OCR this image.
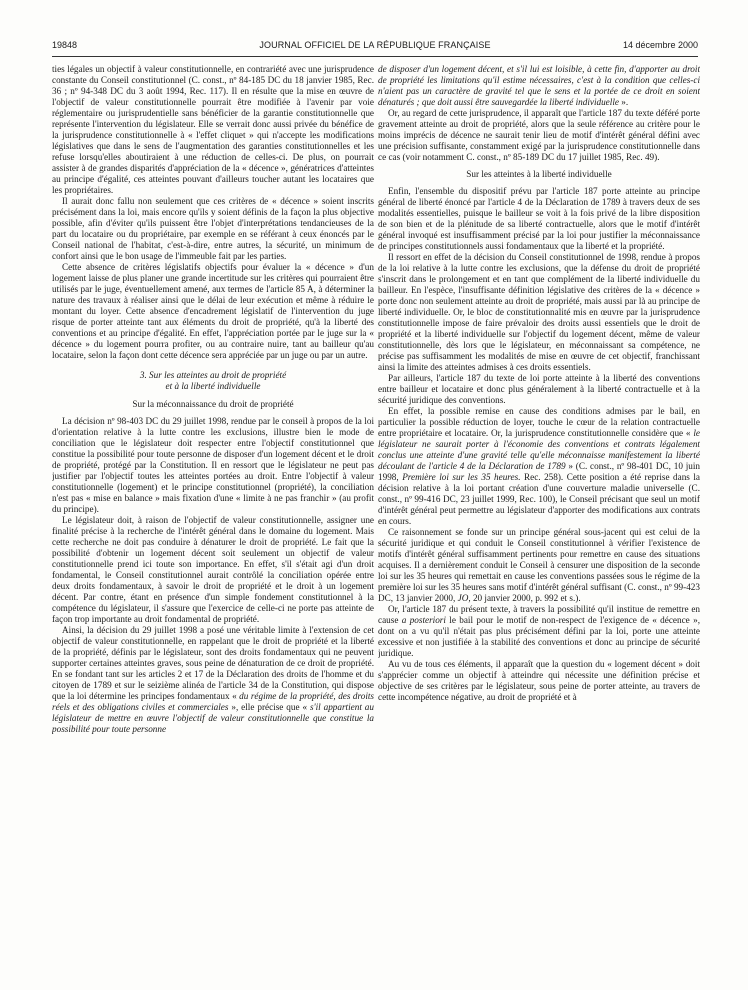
19848	JOURNAL OFFICIEL DE LA RÉPUBLIQUE FRANÇAISE	14 décembre 2000

ties légales un objectif à valeur constitutionnelle, en contrariété avec une jurisprudence constante du Conseil constitutionnel (C. const., nº 84-185 DC du 18 janvier 1985, Rec. 36 ; nº 94-348 DC du 3 août 1994, Rec. 117). Il en résulte que la mise en œuvre de l'objectif de valeur constitutionnelle pourrait être modifiée à l'avenir par voie réglementaire ou jurisprudentielle sans bénéficier de la garantie constitutionnelle que représente l'intervention du législateur. Elle se verrait donc aussi privée du bénéfice de la jurisprudence constitutionnelle à « l'effet cliquet » qui n'accepte les modifications législatives que dans le sens de l'augmentation des garanties constitutionnelles et les refuse lorsqu'elles aboutiraient à une réduction de celles-ci. De plus, on pourrait assister à de grandes disparités d'appréciation de la « décence », génératrices d'atteintes au principe d'égalité, ces atteintes pouvant d'ailleurs toucher autant les locataires que les propriétaires.

Il aurait donc fallu non seulement que ces critères de « décence » soient inscrits précisément dans la loi, mais encore qu'ils y soient définis de la façon la plus objective possible, afin d'éviter qu'ils puissent être l'objet d'interprétations tendancieuses de la part du locataire ou du propriétaire, par exemple en se référant à ceux énoncés par le Conseil national de l'habitat, c'est-à-dire, entre autres, la sécurité, un minimum de confort ainsi que le bon usage de l'immeuble fait par les parties.

Cette absence de critères législatifs objectifs pour évaluer la « décence » d'un logement laisse de plus planer une grande incertitude sur les critères qui pourraient être utilisés par le juge, éventuellement amené, aux termes de l'article 85 A, à déterminer la nature des travaux à réaliser ainsi que le délai de leur exécution et même à réduire le montant du loyer. Cette absence d'encadrement législatif de l'intervention du juge risque de porter atteinte tant aux éléments du droit de propriété, qu'à la liberté des conventions et au principe d'égalité. En effet, l'appréciation portée par le juge sur la « décence » du logement pourra profiter, ou au contraire nuire, tant au bailleur qu'au locataire, selon la façon dont cette décence sera appréciée par un juge ou par un autre.

3. Sur les atteintes au droit de propriété
et à la liberté individuelle
Sur la méconnaissance du droit de propriété

La décision nº 98-403 DC du 29 juillet 1998, rendue par le conseil à propos de la loi d'orientation relative à la lutte contre les exclusions, illustre bien le mode de conciliation que le législateur doit respecter entre l'objectif constitutionnel que constitue la possibilité pour toute personne de disposer d'un logement décent et le droit de propriété, protégé par la Constitution. Il en ressort que le législateur ne peut pas justifier par l'objectif toutes les atteintes portées au droit. Entre l'objectif à valeur constitutionnelle (logement) et le principe constitutionnel (propriété), la conciliation n'est pas « mise en balance » mais fixation d'une « limite à ne pas franchir » (au profit du principe).

Le législateur doit, à raison de l'objectif de valeur constitutionnelle, assigner une finalité précise à la recherche de l'intérêt général dans le domaine du logement. Mais cette recherche ne doit pas conduire à dénaturer le droit de propriété. Le fait que la possibilité d'obtenir un logement décent soit seulement un objectif de valeur constitutionnelle prend ici toute son importance. En effet, s'il s'était agi d'un droit fondamental, le Conseil constitutionnel aurait contrôlé la conciliation opérée entre deux droits fondamentaux, à savoir le droit de propriété et le droit à un logement décent. Par contre, étant en présence d'un simple fondement constitutionnel à la compétence du législateur, il s'assure que l'exercice de celle-ci ne porte pas atteinte de façon trop importante au droit fondamental de propriété.

Ainsi, la décision du 29 juillet 1998 a posé une véritable limite à l'extension de cet objectif de valeur constitutionnelle, en rappelant que le droit de propriété et la liberté de la propriété, définis par le législateur, sont des droits fondamentaux qui ne peuvent supporter certaines atteintes graves, sous peine de dénaturation de ce droit de propriété. En se fondant tant sur les articles 2 et 17 de la Déclaration des droits de l'homme et du citoyen de 1789 et sur le seizième alinéa de l'article 34 de la Constitution, qui dispose que la loi détermine les principes fondamentaux « du régime de la propriété, des droits réels et des obligations civiles et commerciales », elle précise que « s'il appartient au législateur de mettre en œuvre l'objectif de valeur constitutionnelle que constitue la possibilité pour toute personne

de disposer d'un logement décent, et s'il lui est loisible, à cette fin, d'apporter au droit de propriété les limitations qu'il estime nécessaires, c'est à la condition que celles-ci n'aient pas un caractère de gravité tel que le sens et la portée de ce droit en soient dénaturés ; que doit aussi être sauvegardée la liberté individuelle ».

Or, au regard de cette jurisprudence, il apparaît que l'article 187 du texte déféré porte gravement atteinte au droit de propriété, alors que la seule référence au critère pour le moins imprécis de décence ne saurait tenir lieu de motif d'intérêt général défini avec une précision suffisante, constamment exigé par la jurisprudence constitutionnelle dans ce cas (voir notamment C. const., nº 85-189 DC du 17 juillet 1985, Rec. 49).

Sur les atteintes à la liberté individuelle

Enfin, l'ensemble du dispositif prévu par l'article 187 porte atteinte au principe général de liberté énoncé par l'article 4 de la Déclaration de 1789 à travers deux de ses modalités essentielles, puisque le bailleur se voit à la fois privé de la libre disposition de son bien et de la plénitude de sa liberté contractuelle, alors que le motif d'intérêt général invoqué est insuffisamment précisé par la loi pour justifier la méconnaissance de principes constitutionnels aussi fondamentaux que la liberté et la propriété.

Il ressort en effet de la décision du Conseil constitutionnel de 1998, rendue à propos de la loi relative à la lutte contre les exclusions, que la défense du droit de propriété s'inscrit dans le prolongement et en tant que complément de la liberté individuelle du bailleur. En l'espèce, l'insuffisante définition législative des critères de la « décence » porte donc non seulement atteinte au droit de propriété, mais aussi par là au principe de liberté individuelle. Or, le bloc de constitutionnalité mis en œuvre par la jurisprudence constitutionnelle impose de faire prévaloir des droits aussi essentiels que le droit de propriété et la liberté individuelle sur l'objectif du logement décent, même de valeur constitutionnelle, dès lors que le législateur, en méconnaissant sa compétence, ne précise pas suffisamment les modalités de mise en œuvre de cet objectif, franchissant ainsi la limite des atteintes admises à ces droits essentiels.

Par ailleurs, l'article 187 du texte de loi porte atteinte à la liberté des conventions entre bailleur et locataire et donc plus généralement à la liberté contractuelle et à la sécurité juridique des conventions.

En effet, la possible remise en cause des conditions admises par le bail, en particulier la possible réduction de loyer, touche le cœur de la relation contractuelle entre propriétaire et locataire. Or, la jurisprudence constitutionnelle considère que « le législateur ne saurait porter à l'économie des conventions et contrats légalement conclus une atteinte d'une gravité telle qu'elle méconnaisse manifestement la liberté découlant de l'article 4 de la Déclaration de 1789 » (C. const., nº 98-401 DC, 10 juin 1998, Première loi sur les 35 heures. Rec. 258). Cette position a été reprise dans la décision relative à la loi portant création d'une couverture maladie universelle (C. const., nº 99-416 DC, 23 juillet 1999, Rec. 100), le Conseil précisant que seul un motif d'intérêt général peut permettre au législateur d'apporter des modifications aux contrats en cours.

Ce raisonnement se fonde sur un principe général sous-jacent qui est celui de la sécurité juridique et qui conduit le Conseil constitutionnel à vérifier l'existence de motifs d'intérêt général suffisamment pertinents pour remettre en cause des situations acquises. Il a dernièrement conduit le Conseil à censurer une disposition de la seconde loi sur les 35 heures qui remettait en cause les conventions passées sous le régime de la première loi sur les 35 heures sans motif d'intérêt général suffisant (C. const., nº 99-423 DC, 13 janvier 2000, JO, 20 janvier 2000, p. 992 et s.).

Or, l'article 187 du présent texte, à travers la possibilité qu'il institue de remettre en cause a posteriori le bail pour le motif de non-respect de l'exigence de « décence », dont on a vu qu'il n'était pas plus précisément défini par la loi, porte une atteinte excessive et non justifiée à la stabilité des conventions et donc au principe de sécurité juridique.

Au vu de tous ces éléments, il apparaît que la question du « logement décent » doit s'apprécier comme un objectif à atteindre qui nécessite une définition précise et objective de ses critères par le législateur, sous peine de porter atteinte, au travers de cette incompétence négative, au droit de propriété et à
